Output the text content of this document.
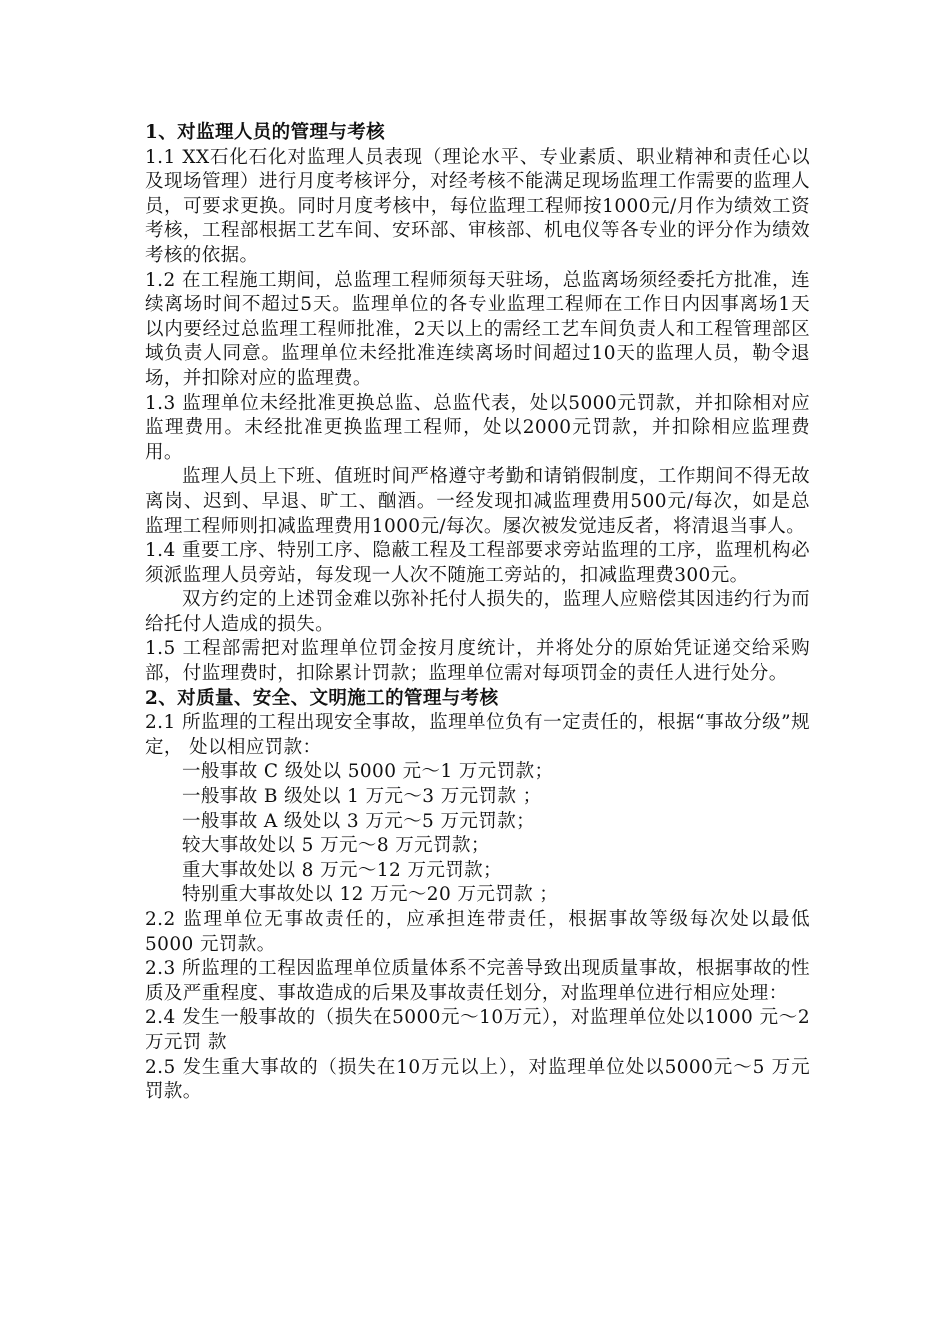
1、对监理人员的管理与考核

1.1 XX石化石化对监理人员表现（理论水平、专业素质、职业精神和责任心以及现场管理）进行月度考核评分，对经考核不能满足现场监理工作需要的监理人员，可要求更换。同时月度考核中，每位监理工程师按1000元/月作为绩效工资考核，工程部根据工艺车间、安环部、审核部、机电仪等各专业的评分作为绩效考核的依据。

1.2 在工程施工期间，总监理工程师须每天驻场，总监离场须经委托方批准，连续离场时间不超过5天。监理单位的各专业监理工程师在工作日内因事离场1天以内要经过总监理工程师批准，2天以上的需经工艺车间负责人和工程管理部区域负责人同意。监理单位未经批准连续离场时间超过10天的监理人员，勒令退场，并扣除对应的监理费。

1.3 监理单位未经批准更换总监、总监代表，处以5000元罚款，并扣除相对应监理费用。未经批准更换监理工程师，处以2000元罚款，并扣除相应监理费用。

监理人员上下班、值班时间严格遵守考勤和请销假制度，工作期间不得无故离岗、迟到、早退、旷工、酗酒。一经发现扣减监理费用500元/每次，如是总监理工程师则扣减监理费用1000元/每次。屡次被发觉违反者，将清退当事人。

1.4 重要工序、特别工序、隐蔽工程及工程部要求旁站监理的工序，监理机构必须派监理人员旁站，每发现一人次不随施工旁站的，扣减监理费300元。

双方约定的上述罚金难以弥补托付人损失的，监理人应赔偿其因违约行为而给托付人造成的损失。

1.5 工程部需把对监理单位罚金按月度统计，并将处分的原始凭证递交给采购部，付监理费时，扣除累计罚款；监理单位需对每项罚金的责任人进行处分。

2、对质量、安全、文明施工的管理与考核

2.1 所监理的工程出现安全事故，监理单位负有一定责任的，根据“事故分级”规定， 处以相应罚款：

一般事故 C 级处以 5000 元～1 万元罚款；

一般事故 B 级处以 1 万元～3 万元罚款 ；

一般事故 A 级处以 3 万元～5 万元罚款；

较大事故处以 5 万元～8 万元罚款；

重大事故处以 8 万元～12 万元罚款；

特别重大事故处以 12 万元～20 万元罚款 ；

2.2 监理单位无事故责任的，应承担连带责任，根据事故等级每次处以最低 5000 元罚款。

2.3 所监理的工程因监理单位质量体系不完善导致出现质量事故，根据事故的性质及严重程度、事故造成的后果及事故责任划分，对监理单位进行相应处理：

2.4 发生一般事故的（损失在5000元～10万元），对监理单位处以1000 元～2 万元罚 款

2.5 发生重大事故的（损失在10万元以上），对监理单位处以5000元～5 万元罚款。
